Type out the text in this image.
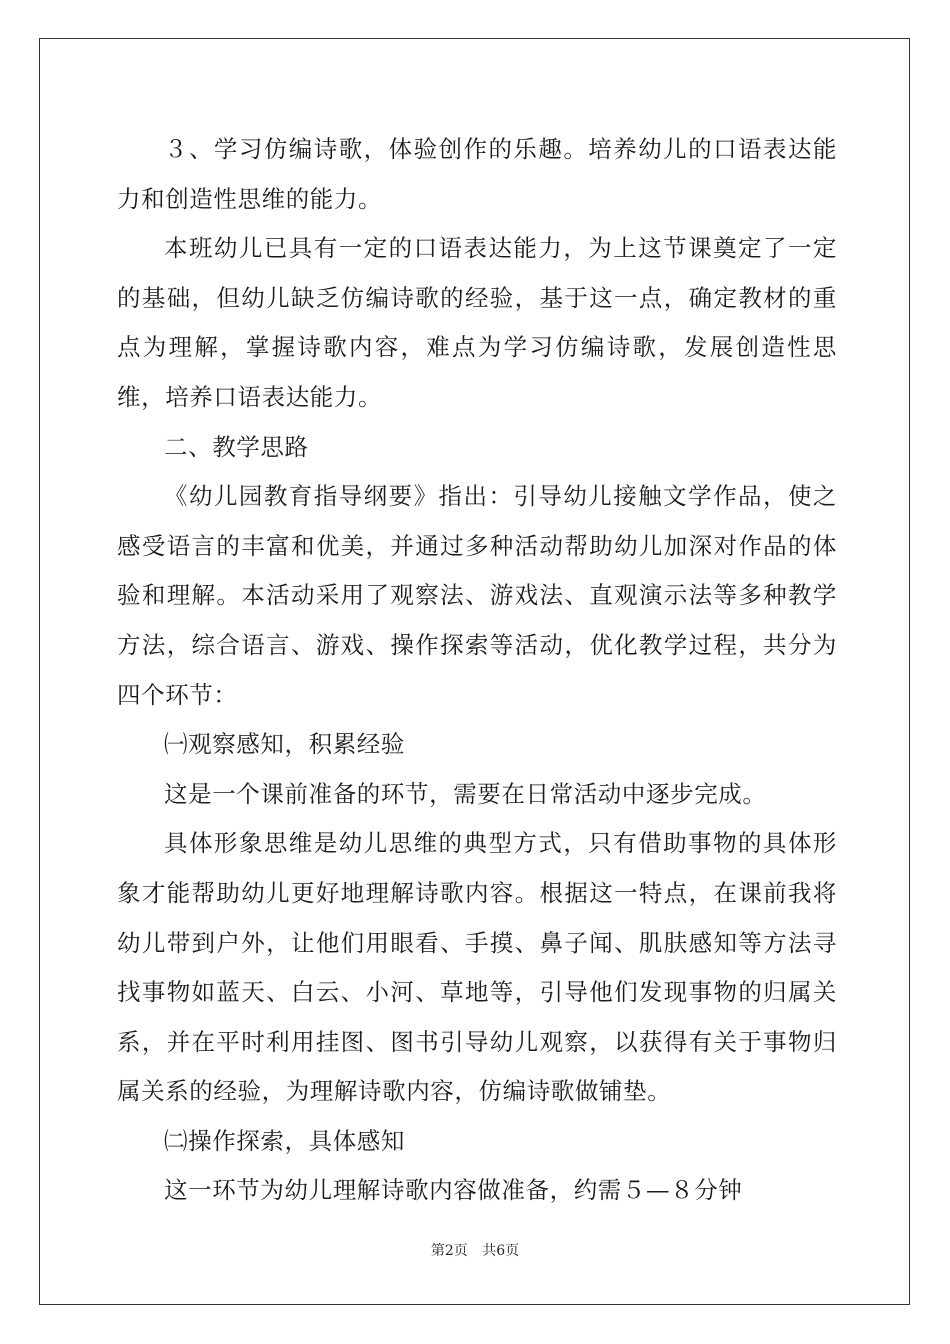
３、学习仿编诗歌，体验创作的乐趣。培养幼儿的口语表达能力和创造性思维的能力。

本班幼儿已具有一定的口语表达能力，为上这节课奠定了一定的基础，但幼儿缺乏仿编诗歌的经验，基于这一点，确定教材的重点为理解，掌握诗歌内容，难点为学习仿编诗歌，发展创造性思维，培养口语表达能力。

二、教学思路

《幼儿园教育指导纲要》指出：引导幼儿接触文学作品，使之感受语言的丰富和优美，并通过多种活动帮助幼儿加深对作品的体验和理解。本活动采用了观察法、游戏法、直观演示法等多种教学方法，综合语言、游戏、操作探索等活动，优化教学过程，共分为四个环节：

㈠观察感知，积累经验

这是一个课前准备的环节，需要在日常活动中逐步完成。

具体形象思维是幼儿思维的典型方式，只有借助事物的具体形象才能帮助幼儿更好地理解诗歌内容。根据这一特点，在课前我将幼儿带到户外，让他们用眼看、手摸、鼻子闻、肌肤感知等方法寻找事物如蓝天、白云、小河、草地等，引导他们发现事物的归属关系，并在平时利用挂图、图书引导幼儿观察，以获得有关于事物归属关系的经验，为理解诗歌内容，仿编诗歌做铺垫。

㈡操作探索，具体感知

这一环节为幼儿理解诗歌内容做准备，约需５—８分钟

第2页 共6页
